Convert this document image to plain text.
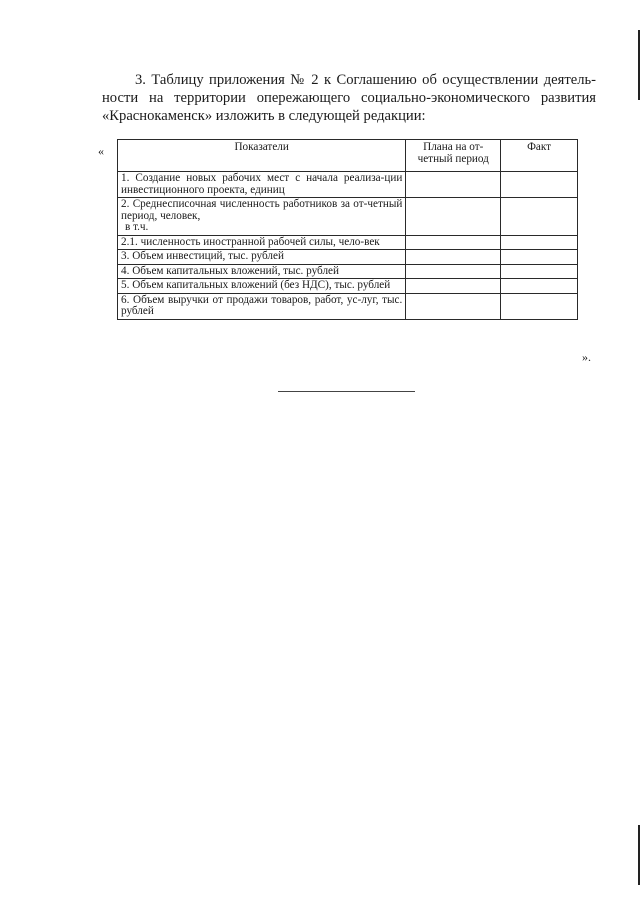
3. Таблицу приложения № 2 к Соглашению об осуществлении деятель-
ности на территории опережающего социально-экономического развития
«Краснокаменск» изложить в следующей редакции:
«	Показатели	Плана на от-четный период	Факт
1. Создание новых рабочих мест с начала реализа-ции инвестиционного проекта, единиц		
2. Среднесписочная численность работников за от-четный период, человек,
в т.ч.		
2.1. численность иностранной рабочей силы, чело-век		
3. Объем инвестиций, тыс. рублей		
4. Объем капитальных вложений, тыс. рублей		
5. Объем капитальных вложений (без НДС), тыс. рублей		
6. Объем выручки от продажи товаров, работ, ус-луг, тыс. рублей		
».
